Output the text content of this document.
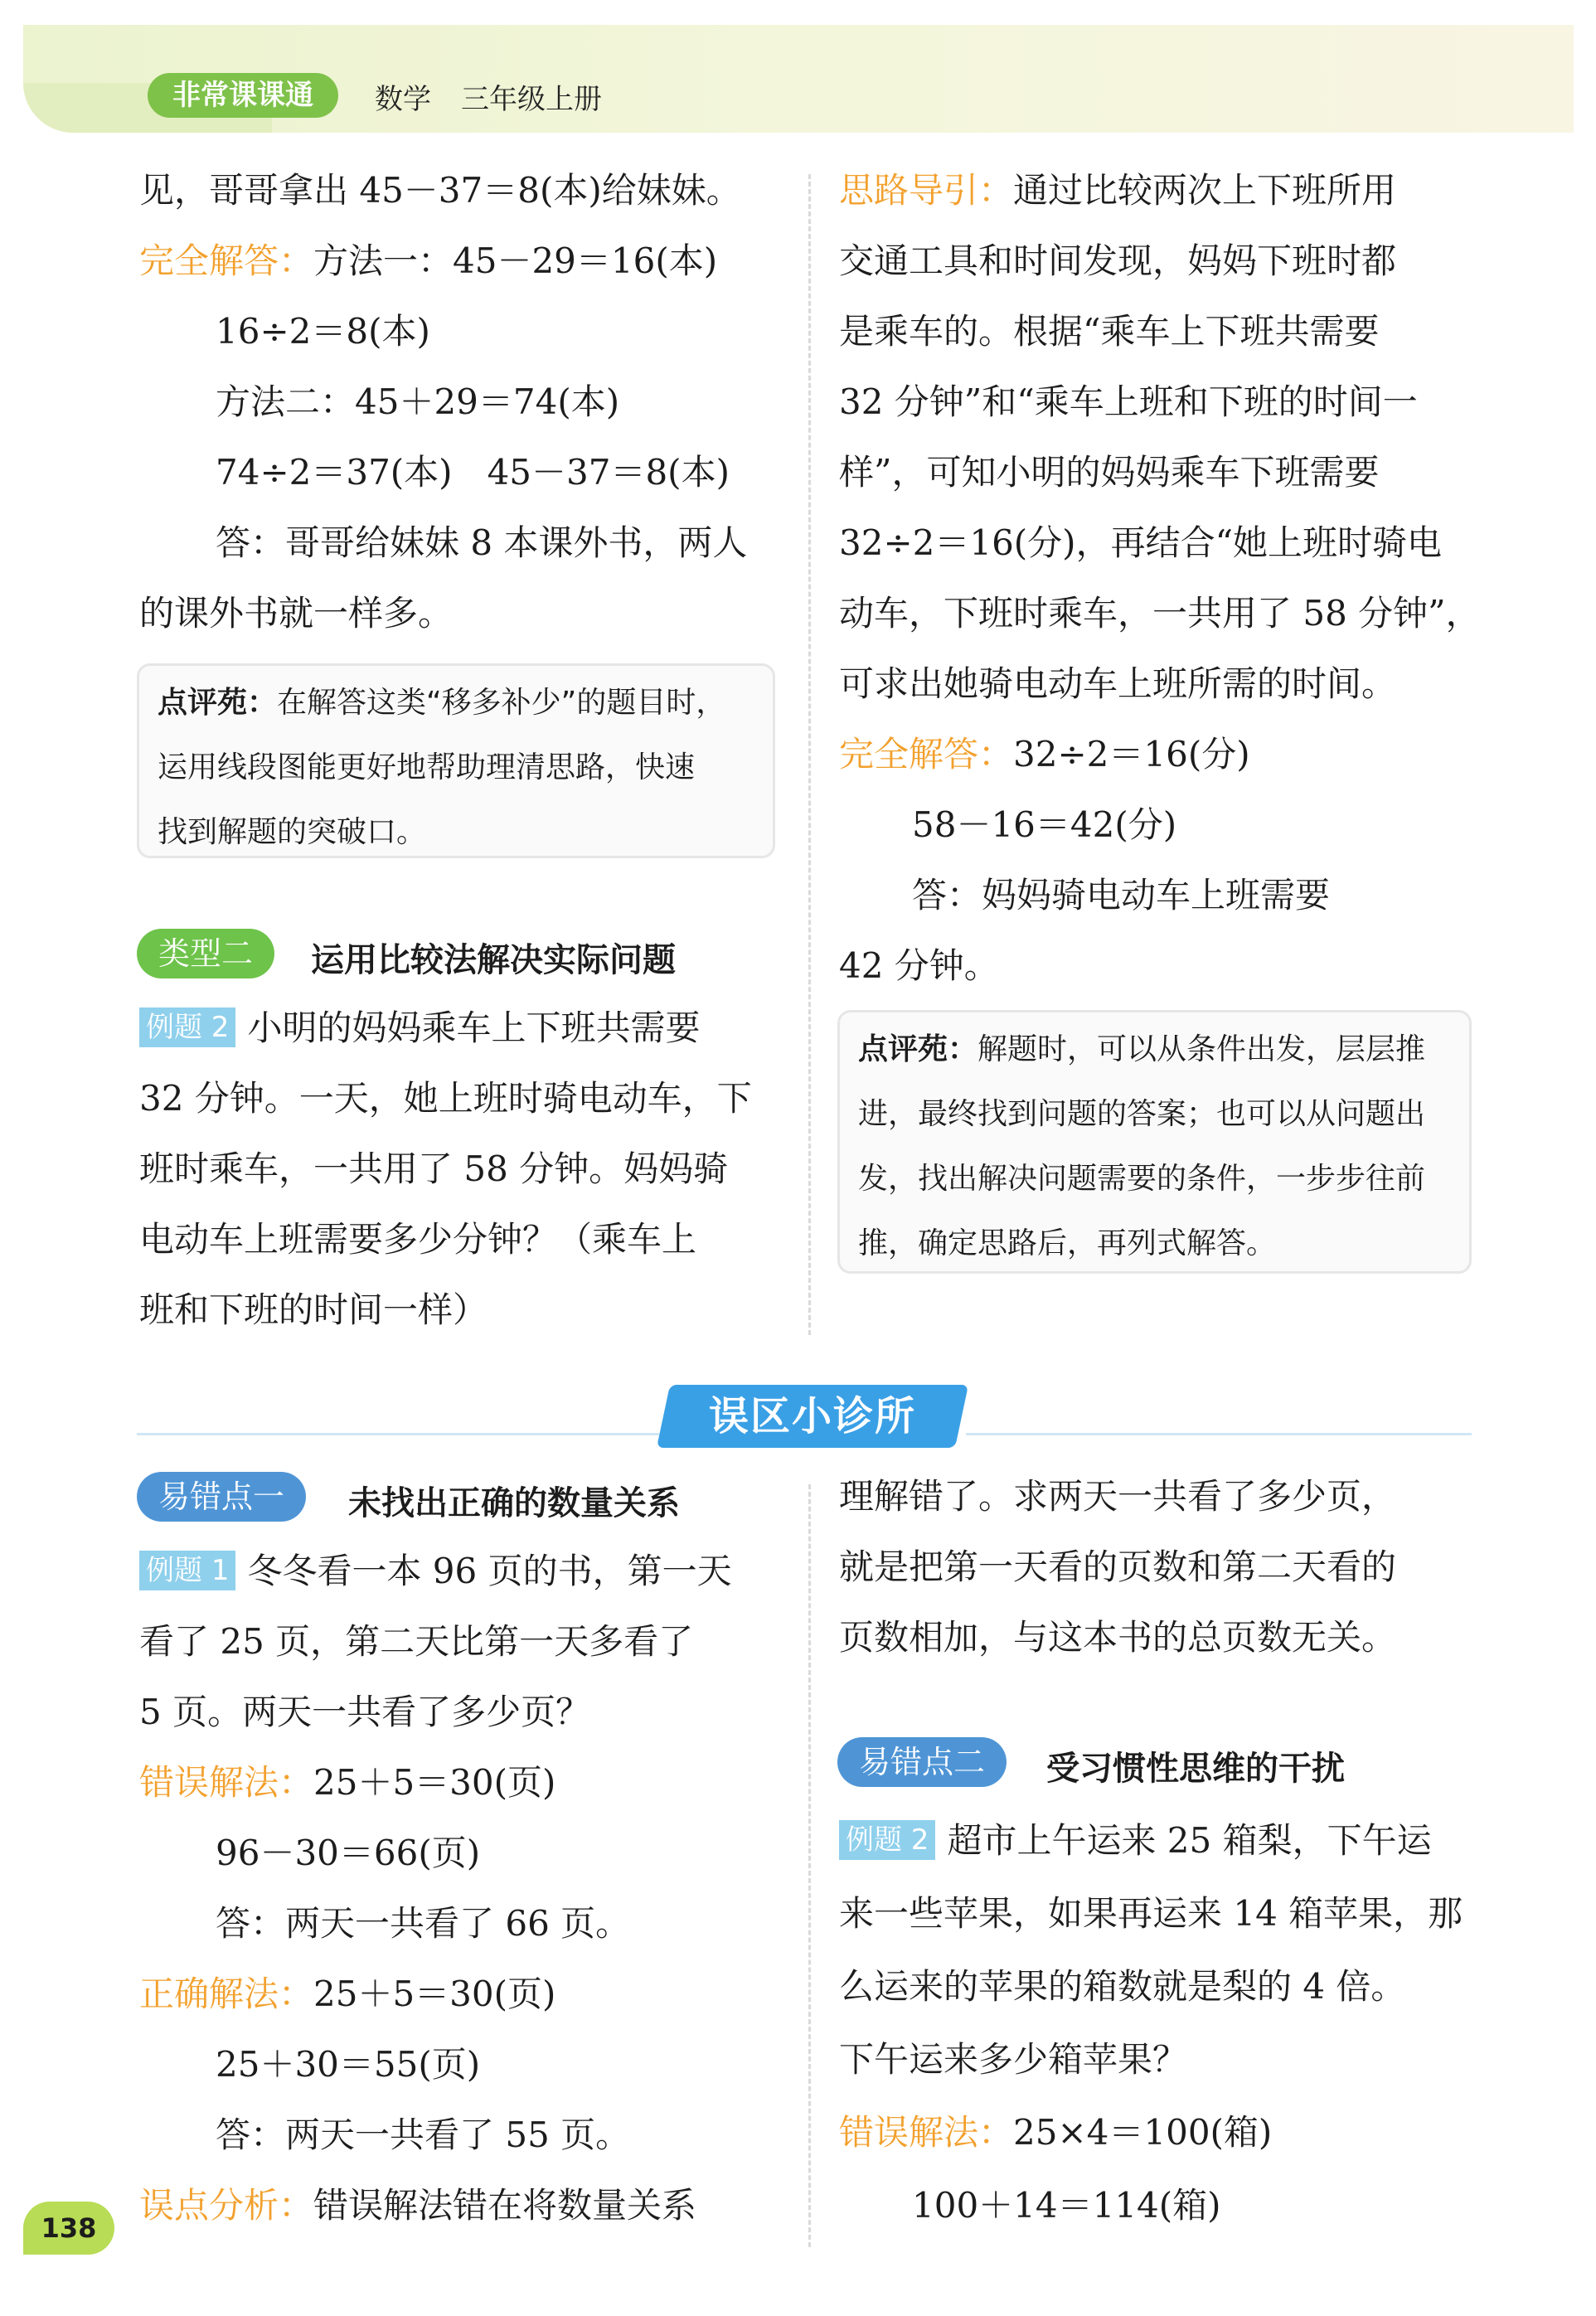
非常课课通	数学 三年级上册
见，哥哥拿出 45－37＝8(本)给妹妹。
完全解答：方法一：45－29＝16(本)
16÷2＝8(本)
方法二：45＋29＝74(本)
74÷2＝37(本)　45－37＝8(本)
答：哥哥给妹妹 8 本课外书，两人
的课外书就一样多。
点评苑：在解答这类“移多补少”的题目时，
运用线段图能更好地帮助理清思路，快速
找到解题的突破口。
类型二	运用比较法解决实际问题
例题 2 小明的妈妈乘车上下班共需要
32 分钟。一天，她上班时骑电动车，下
班时乘车，一共用了 58 分钟。妈妈骑
电动车上班需要多少分钟？（乘车上
班和下班的时间一样）
思路导引：通过比较两次上下班所用
交通工具和时间发现，妈妈下班时都
是乘车的。根据“乘车上下班共需要
32 分钟”和“乘车上班和下班的时间一
样”，可知小明的妈妈乘车下班需要
32÷2＝16(分)，再结合“她上班时骑电
动车，下班时乘车，一共用了 58 分钟”，
可求出她骑电动车上班所需的时间。
完全解答：32÷2＝16(分)
58－16＝42(分)
答：妈妈骑电动车上班需要
42 分钟。
点评苑：解题时，可以从条件出发，层层推
进，最终找到问题的答案；也可以从问题出
发，找出解决问题需要的条件，一步步往前
推，确定思路后，再列式解答。
误区小诊所
易错点一	未找出正确的数量关系
例题 1 冬冬看一本 96 页的书，第一天
看了 25 页，第二天比第一天多看了
5 页。两天一共看了多少页？
错误解法：25＋5＝30(页)
96－30＝66(页)
答：两天一共看了 66 页。
正确解法：25＋5＝30(页)
25＋30＝55(页)
答：两天一共看了 55 页。
误点分析：错误解法错在将数量关系
理解错了。求两天一共看了多少页，
就是把第一天看的页数和第二天看的
页数相加，与这本书的总页数无关。
易错点二	受习惯性思维的干扰
例题 2 超市上午运来 25 箱梨，下午运
来一些苹果，如果再运来 14 箱苹果，那
么运来的苹果的箱数就是梨的 4 倍。
下午运来多少箱苹果？
错误解法：25×4＝100(箱)
100＋14＝114(箱)
138
